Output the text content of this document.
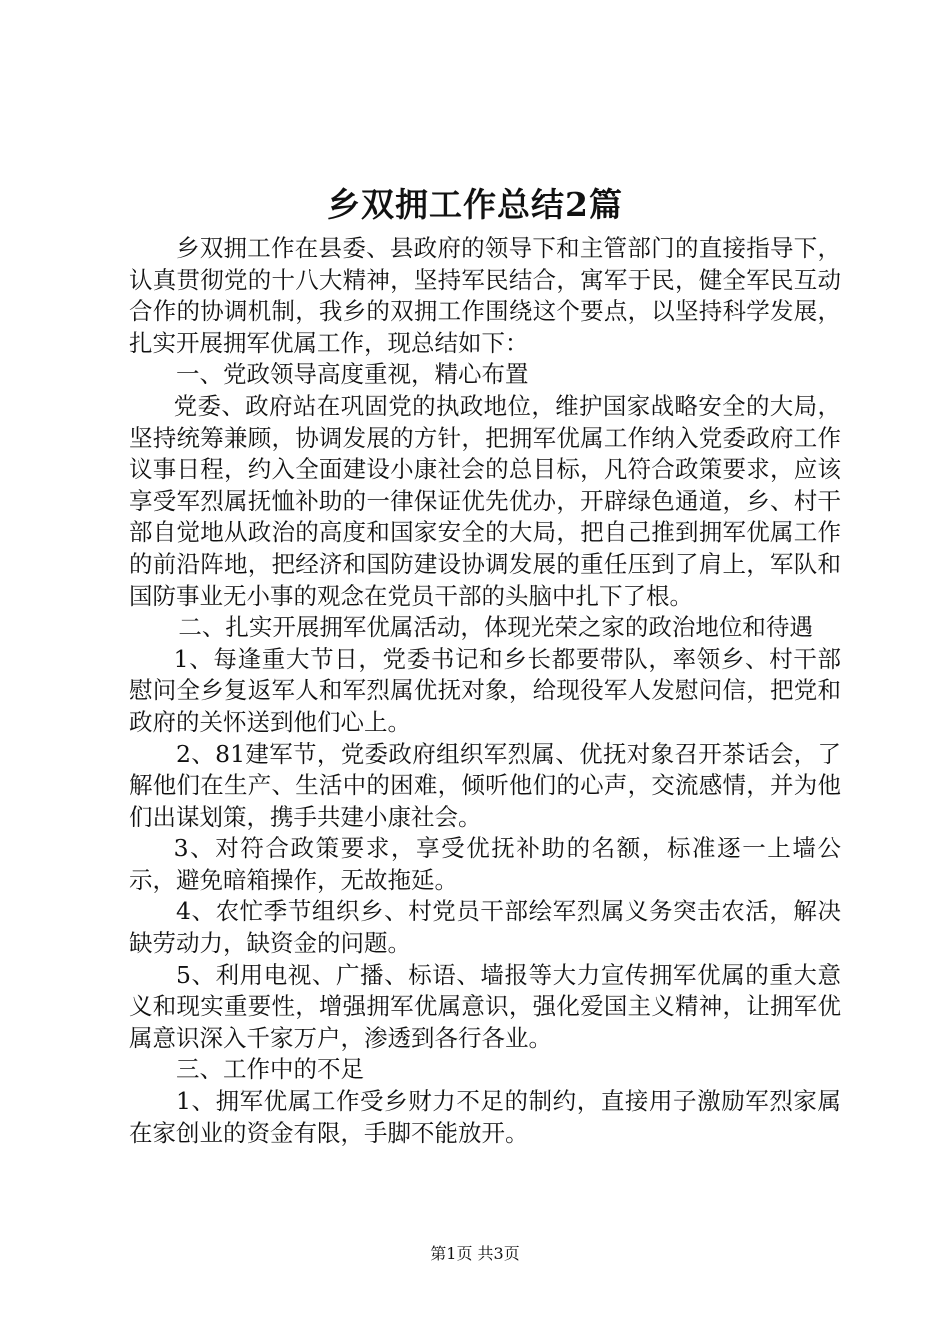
乡双拥工作总结2篇

乡双拥工作在县委、县政府的领导下和主管部门的直接指导下，认真贯彻党的十八大精神，坚持军民结合，寓军于民，健全军民互动合作的协调机制，我乡的双拥工作围绕这个要点，以坚持科学发展，扎实开展拥军优属工作，现总结如下：

一、党政领导高度重视，精心布置

党委、政府站在巩固党的执政地位，维护国家战略安全的大局，坚持统筹兼顾，协调发展的方针，把拥军优属工作纳入党委政府工作议事日程，约入全面建设小康社会的总目标，凡符合政策要求，应该享受军烈属抚恤补助的一律保证优先优办，开辟绿色通道，乡、村干部自觉地从政治的高度和国家安全的大局，把自己推到拥军优属工作的前沿阵地，把经济和国防建设协调发展的重任压到了肩上，军队和国防事业无小事的观念在党员干部的头脑中扎下了根。

二、扎实开展拥军优属活动，体现光荣之家的政治地位和待遇

1、每逢重大节日，党委书记和乡长都要带队，率领乡、村干部慰问全乡复返军人和军烈属优抚对象，给现役军人发慰问信，把党和政府的关怀送到他们心上。

2、81建军节，党委政府组织军烈属、优抚对象召开茶话会，了解他们在生产、生活中的困难，倾听他们的心声，交流感情，并为他们出谋划策，携手共建小康社会。

3、对符合政策要求，享受优抚补助的名额，标准逐一上墙公示，避免暗箱操作，无故拖延。

4、农忙季节组织乡、村党员干部绘军烈属义务突击农活，解决缺劳动力，缺资金的问题。

5、利用电视、广播、标语、墙报等大力宣传拥军优属的重大意义和现实重要性，增强拥军优属意识，强化爱国主义精神，让拥军优属意识深入千家万户，渗透到各行各业。

三、工作中的不足

1、拥军优属工作受乡财力不足的制约，直接用子激励军烈家属在家创业的资金有限，手脚不能放开。

第1页 共3页
